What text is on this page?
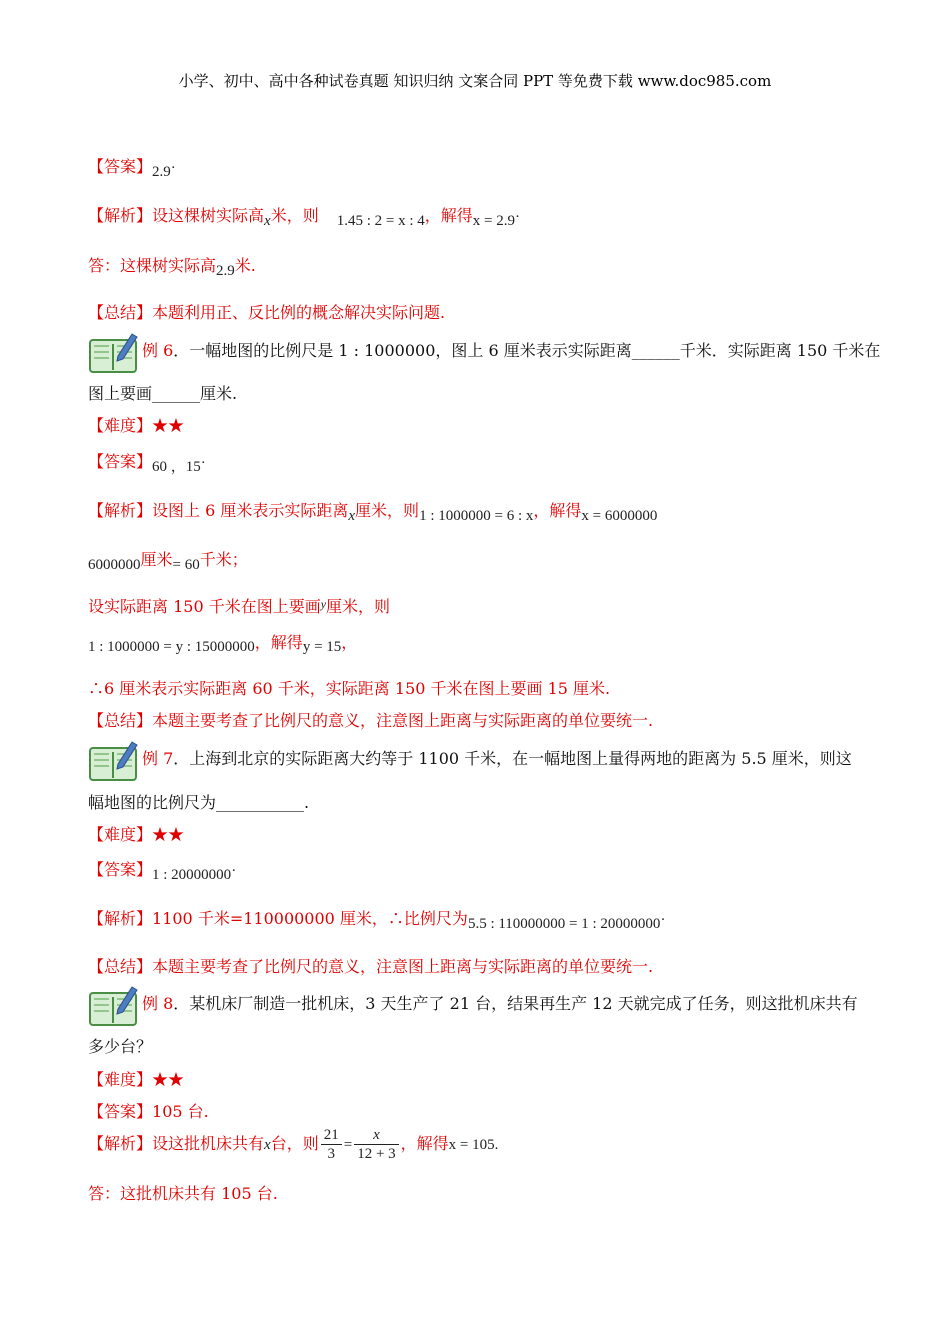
小学、初中、高中各种试卷真题 知识归纳 文案合同 PPT 等免费下载 www.doc985.com
【答案】2.9·
【解析】设这棵树实际高x米，则 1.45 : 2 = x : 4，解得x = 2.9·
答：这棵树实际高2.9米.
【总结】本题利用正、反比例的概念解决实际问题.
例 6．一幅地图的比例尺是 1 : 1000000，图上 6 厘米表示实际距离______千米．实际距离 150 千米在
图上要画______厘米.
【难度】★★
【答案】60 ，15·
【解析】设图上 6 厘米表示实际距离x厘米，则1 : 1000000 = 6 : x，解得x = 6000000
6000000厘米= 60千米；
设实际距离 150 千米在图上要画$^y$厘米，则
1 : 1000000 = y : 15000000，解得y = 15，
∴6 厘米表示实际距离 60 千米，实际距离 150 千米在图上要画 15 厘米.
【总结】本题主要考查了比例尺的意义，注意图上距离与实际距离的单位要统一.
例 7．上海到北京的实际距离大约等于 1100 千米，在一幅地图上量得两地的距离为 5.5 厘米，则这
幅地图的比例尺为___________.
【难度】★★
【答案】1 : 20000000·
【解析】1100 千米=110000000 厘米，∴比例尺为5.5 : 110000000 = 1 : 20000000·
【总结】本题主要考查了比例尺的意义，注意图上距离与实际距离的单位要统一.
例 8．某机床厂制造一批机床，3 天生产了 21 台，结果再生产 12 天就完成了任务，则这批机床共有
多少台？
【难度】★★
【答案】105 台.
【解析】设这批机床共有x台，则 $\frac{21}{3} = \frac{x}{12 + 3}$ ，解得x = 105.
答：这批机床共有 105 台.
